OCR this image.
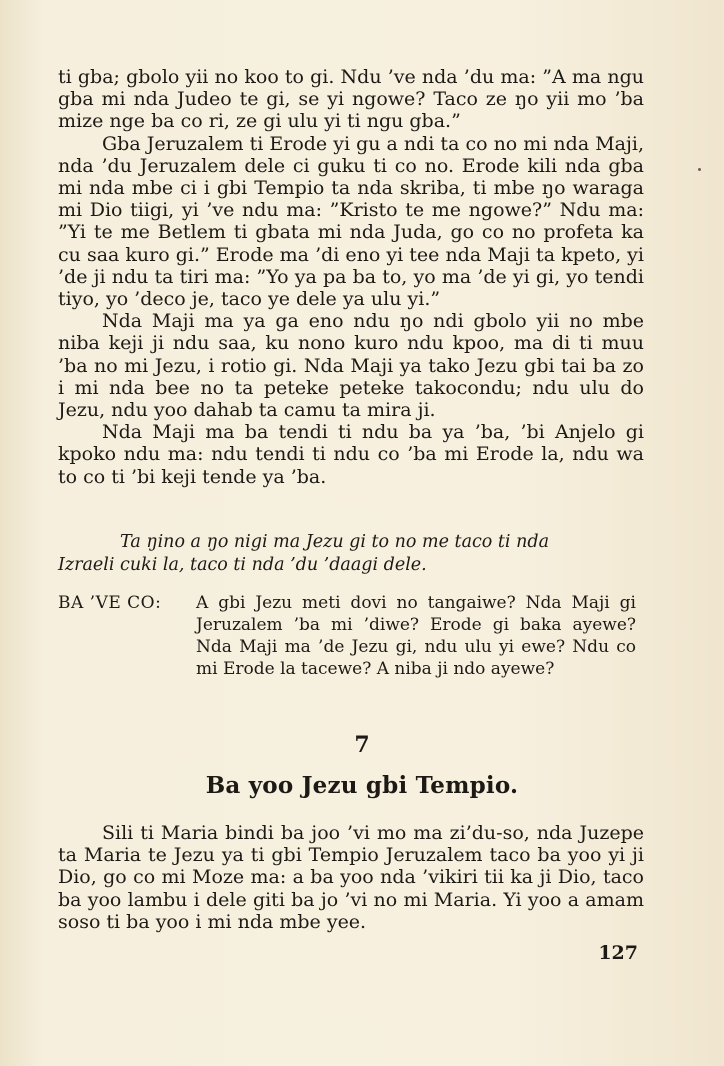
ti gba; gbolo yii no koo to gi. Ndu ’ve nda ’du ma: ”A ma ngu gba mi nda Judeo te gi, se yi ngowe? Taco ze ŋo yii mo ’ba mize nge ba co ri, ze gi ulu yi ti ngu gba.”

Gba Jeruzalem ti Erode yi gu a ndi ta co no mi nda Maji, nda ’du Jeruzalem dele ci guku ti co no. Erode kili nda gba mi nda mbe ci i gbi Tempio ta nda skriba, ti mbe ŋo waraga mi Dio tiigi, yi ’ve ndu ma: ”Kristo te me ngowe?” Ndu ma: ”Yi te me Betlem ti gbata mi nda Juda, go co no profeta ka cu saa kuro gi.” Erode ma ’di eno yi tee nda Maji ta kpeto, yi ’de ji ndu ta tiri ma: ”Yo ya pa ba to, yo ma ’de yi gi, yo tendi tiyo, yo ’deco je, taco ye dele ya ulu yi.”

Nda Maji ma ya ga eno ndu ŋo ndi gbolo yii no mbe niba keji ji ndu saa, ku nono kuro ndu kpoo, ma di ti muu ’ba no mi Jezu, i rotio gi. Nda Maji ya tako Jezu gbi tai ba zo i mi nda bee no ta peteke peteke takocondu; ndu ulu do Jezu, ndu yoo dahab ta camu ta mira ji.

Nda Maji ma ba tendi ti ndu ba ya ’ba, ’bi Anjelo gi kpoko ndu ma: ndu tendi ti ndu co ’ba mi Erode la, ndu wa to co ti ’bi keji tende ya ’ba.

Ta ŋino a ŋo nigi ma Jezu gi to no me taco ti nda

Izraeli cuki la, taco ti nda ’du ’daagi dele.

BA ’VE CO: A gbi Jezu meti dovi no tangaiwe? Nda Maji gi Jeruzalem ’ba mi ’diwe? Erode gi baka ayewe? Nda Maji ma ’de Jezu gi, ndu ulu yi ewe? Ndu co mi Erode la tacewe? A niba ji ndo ayewe?
7
Ba yoo Jezu gbi Tempio.

Sili ti Maria bindi ba joo ’vi mo ma zi’du-so, nda Juzepe ta Maria te Jezu ya ti gbi Tempio Jeruzalem taco ba yoo yi ji Dio, go co mi Moze ma: a ba yoo nda ’vikiri tii ka ji Dio, taco ba yoo lambu i dele giti ba jo ’vi no mi Maria. Yi yoo a amam soso ti ba yoo i mi nda mbe yee.

127
